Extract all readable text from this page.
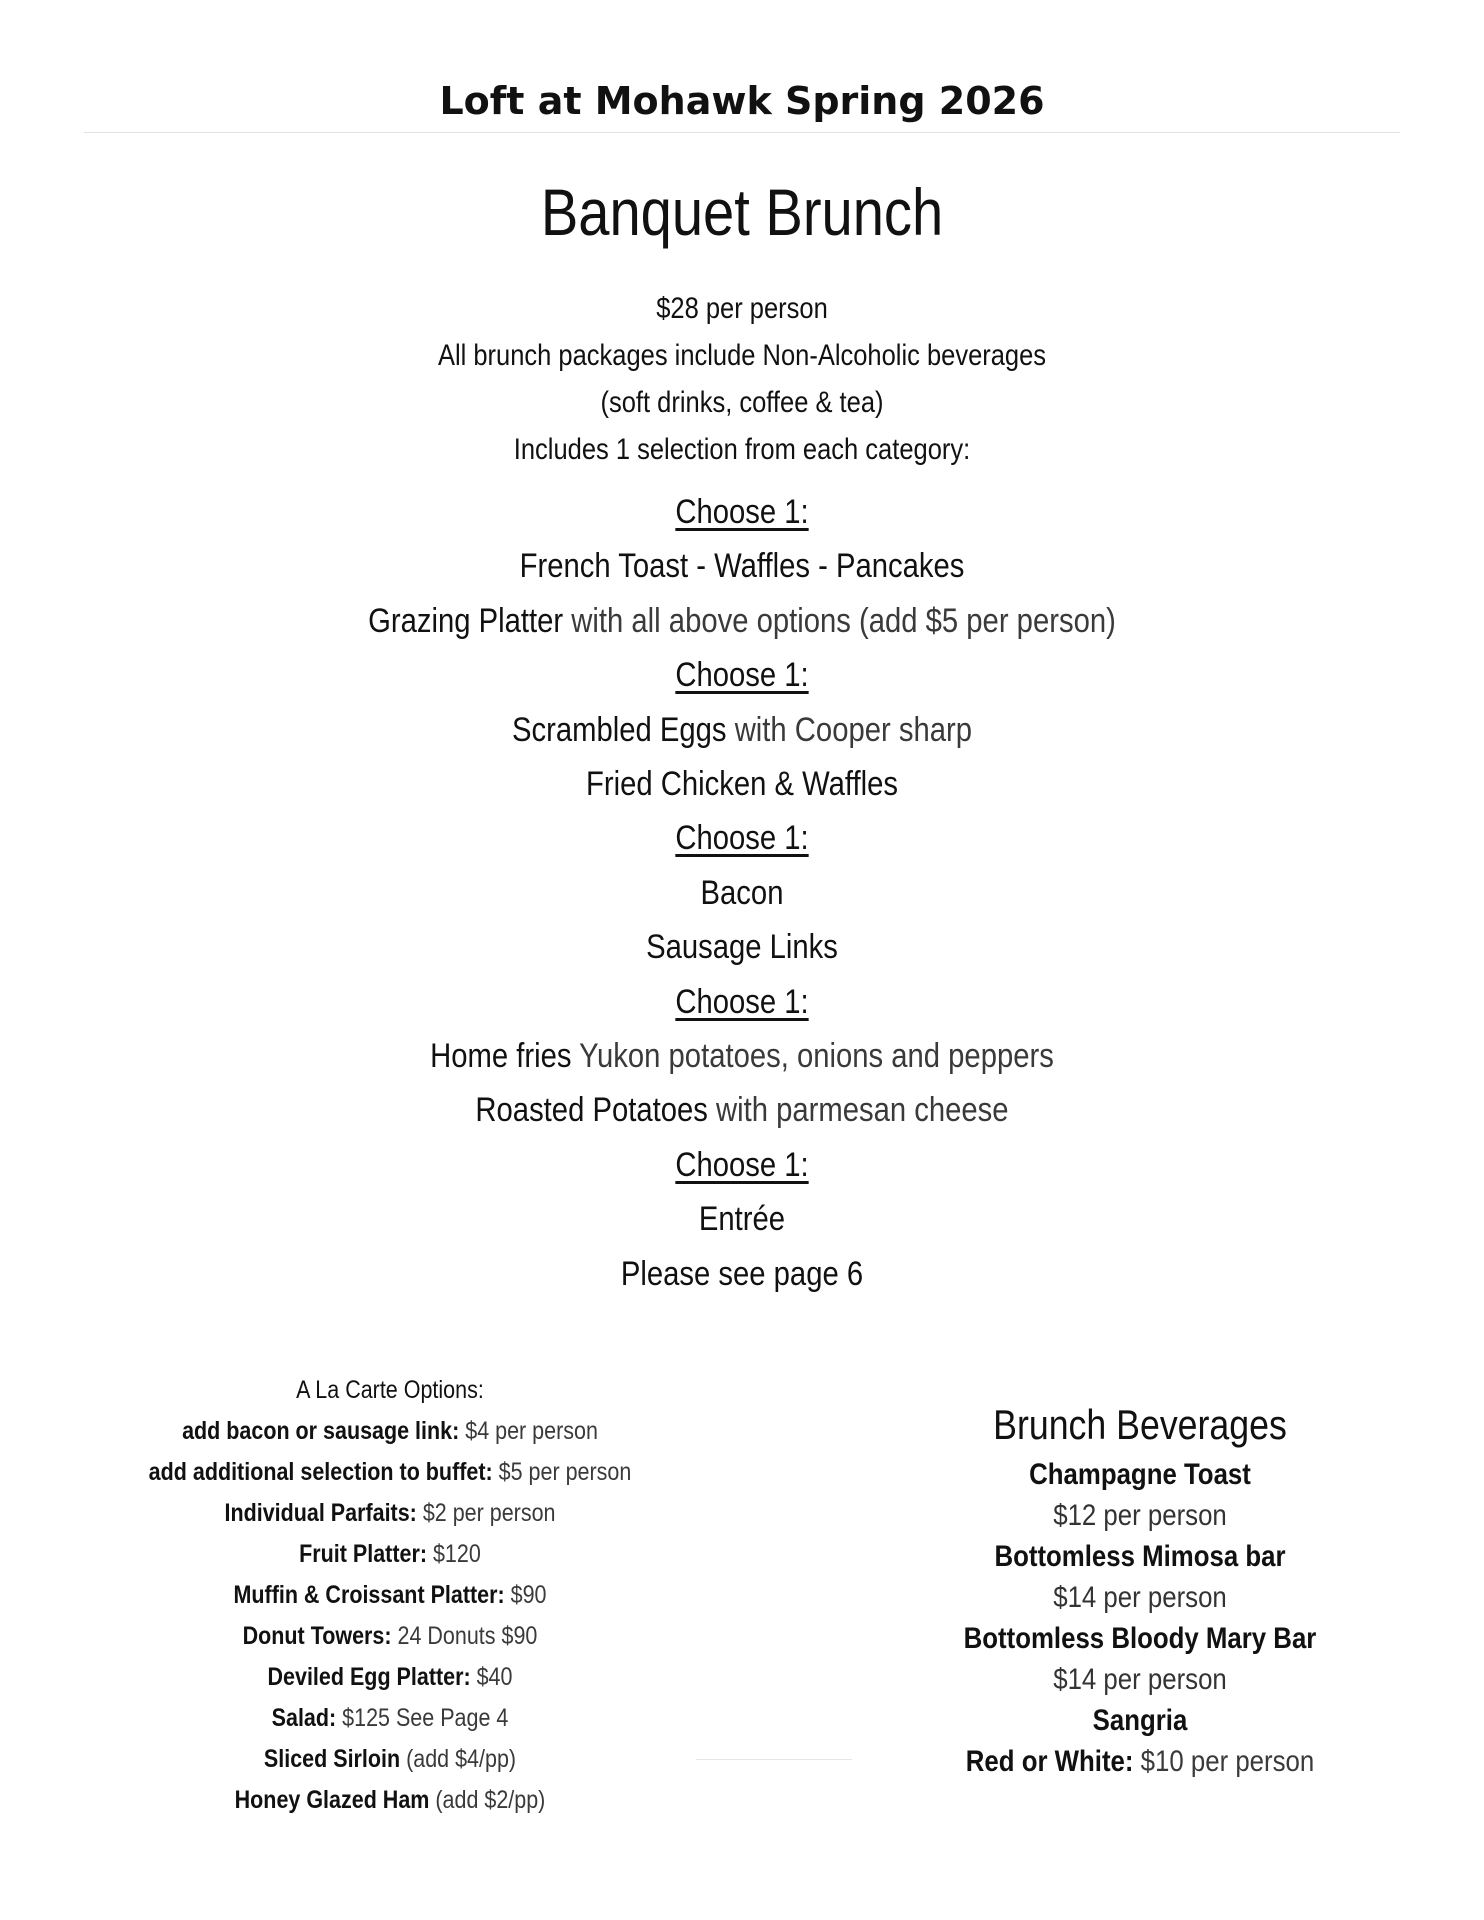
Loft at Mohawk Spring 2026
Banquet Brunch
$28 per person
All brunch packages include Non-Alcoholic beverages
(soft drinks, coffee & tea)
Includes 1 selection from each category:
Choose 1:
French Toast - Waffles - Pancakes
Grazing Platter with all above options (add $5 per person)
Choose 1:
Scrambled Eggs with Cooper sharp
Fried Chicken & Waffles
Choose 1:
Bacon
Sausage Links
Choose 1:
Home fries Yukon potatoes, onions and peppers
Roasted Potatoes with parmesan cheese
Choose 1:
Entrée
Please see page 6
A La Carte Options:
add bacon or sausage link: $4 per person
add additional selection to buffet: $5 per person
Individual Parfaits: $2 per person
Fruit Platter: $120
Muffin & Croissant Platter: $90
Donut Towers: 24 Donuts $90
Deviled Egg Platter: $40
Salad: $125 See Page 4
Sliced Sirloin (add $4/pp)
Honey Glazed Ham (add $2/pp)
Brunch Beverages
Champagne Toast
$12 per person
Bottomless Mimosa bar
$14 per person
Bottomless Bloody Mary Bar
$14 per person
Sangria
Red or White: $10 per person
